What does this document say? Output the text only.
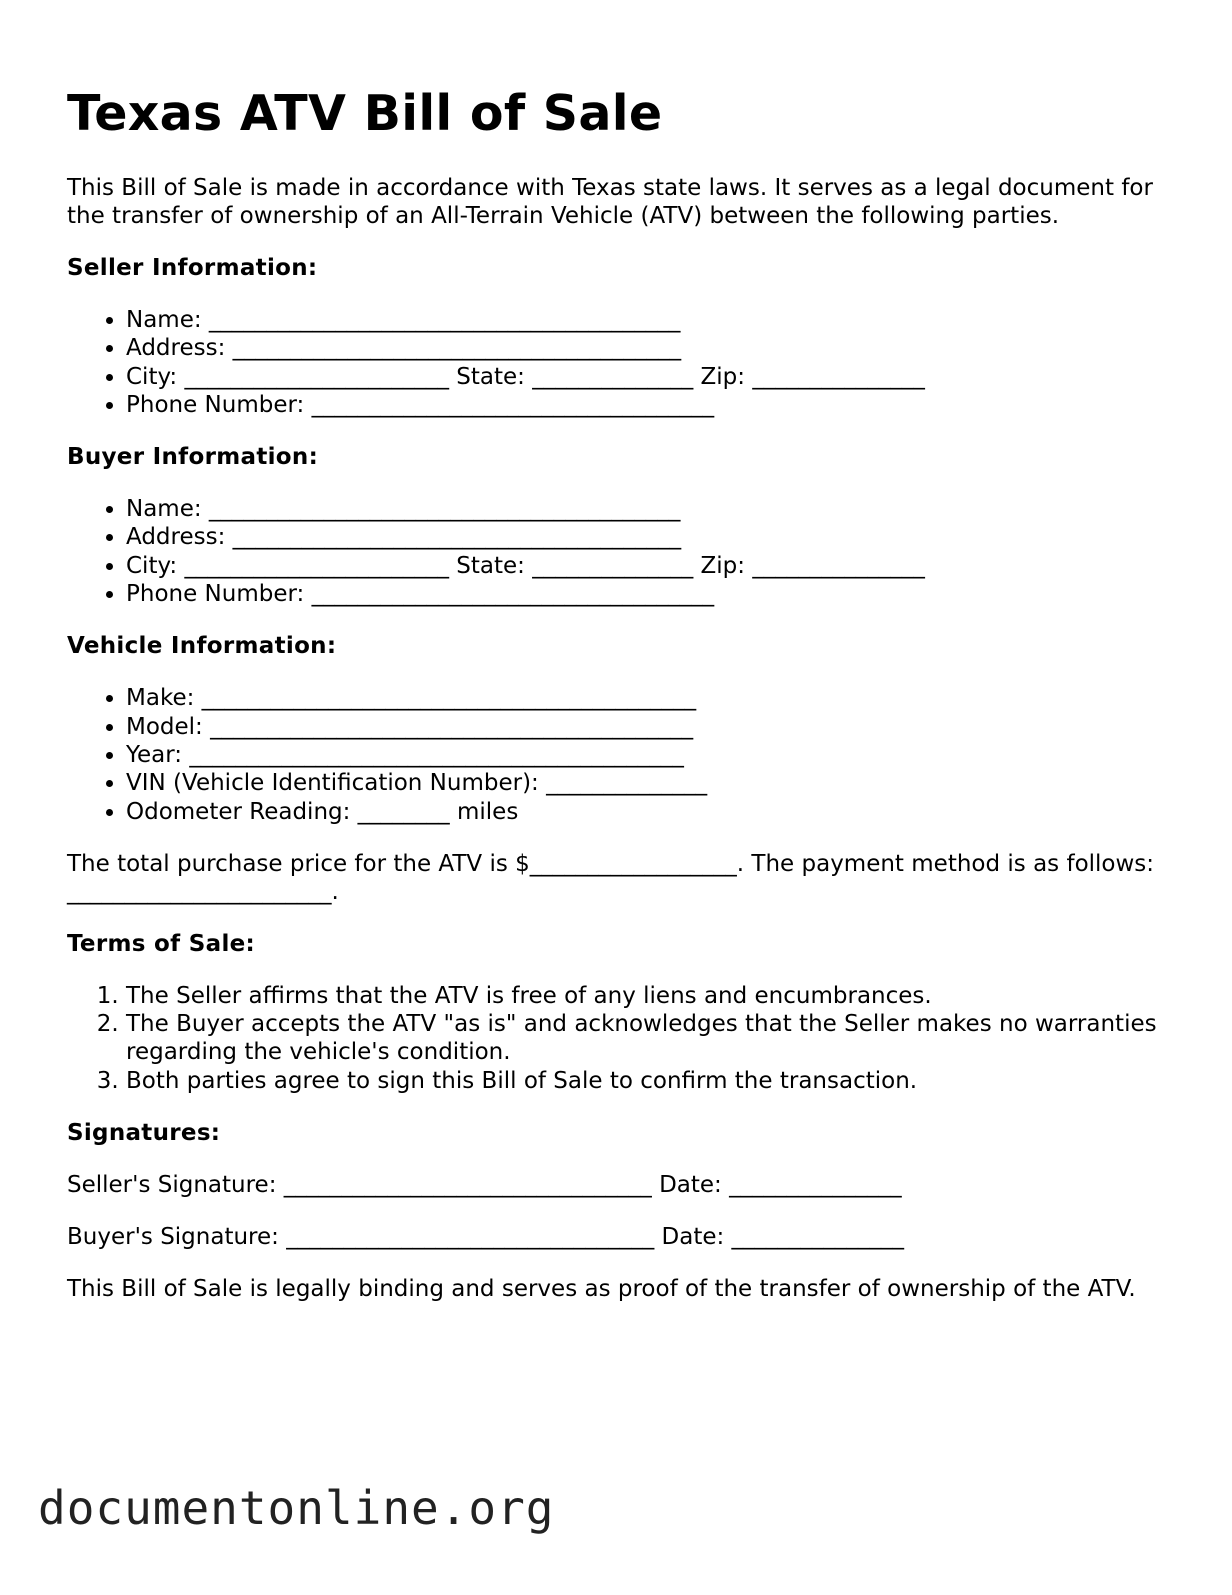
Texas ATV Bill of Sale

This Bill of Sale is made in accordance with Texas state laws. It serves as a legal document for the transfer of ownership of an All-Terrain Vehicle (ATV) between the following parties.

Seller Information:
• Name: _________________________________________
• Address: _______________________________________
• City: _______________________ State: ______________ Zip: _______________
• Phone Number: ___________________________________
Buyer Information:
• Name: _________________________________________
• Address: _______________________________________
• City: _______________________ State: ______________ Zip: _______________
• Phone Number: ___________________________________
Vehicle Information:
• Make: ___________________________________________
• Model: __________________________________________
• Year: ___________________________________________
• VIN (Vehicle Identification Number): ______________
• Odometer Reading: ________ miles

The total purchase price for the ATV is $__________________. The payment method is as follows: _______________________.

Terms of Sale:
1. The Seller affirms that the ATV is free of any liens and encumbrances.
2. The Buyer accepts the ATV "as is" and acknowledges that the Seller makes no warranties regarding the vehicle's condition.
3. Both parties agree to sign this Bill of Sale to confirm the transaction.
Signatures:

Seller's Signature: ________________________________ Date: _______________

Buyer's Signature: ________________________________ Date: _______________

This Bill of Sale is legally binding and serves as proof of the transfer of ownership of the ATV.

documentonline.org
